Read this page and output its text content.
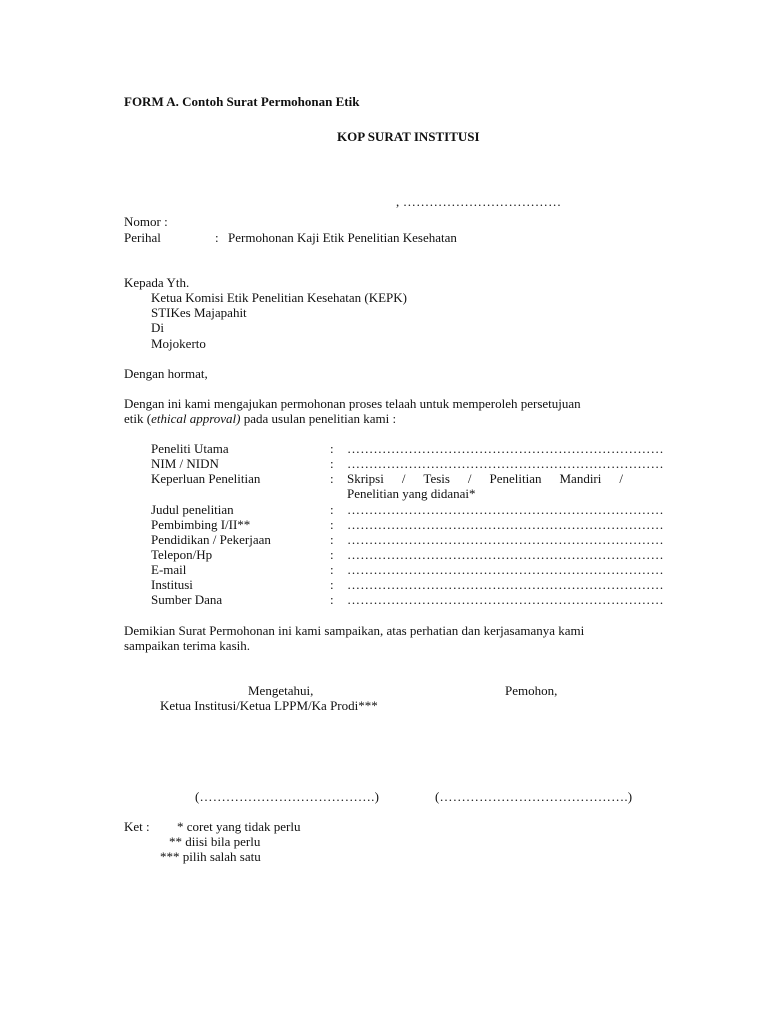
FORM A. Contoh Surat Permohonan Etik
KOP SURAT INSTITUSI
, ………………………………
Nomor :
Perihal	: Permohonan Kaji Etik Penelitian Kesehatan
Kepada Yth.
Ketua Komisi Etik Penelitian Kesehatan (KEPK)
STIKes Majapahit
Di
Mojokerto
Dengan hormat,
Dengan ini kami mengajukan permohonan proses telaah untuk memperoleh persetujuan
etik (ethical approval) pada usulan penelitian kami :
Peneliti Utama	: ………………………………………………………………
NIM / NIDN	: ………………………………………………………………
Keperluan Penelitian	: Skripsi / Tesis / Penelitian Mandiri /
Penelitian yang didanai*
Judul penelitian	: ………………………………………………………………
Pembimbing I/II**	: ………………………………………………………………
Pendidikan / Pekerjaan	: ………………………………………………………………
Telepon/Hp	: ………………………………………………………………
E-mail	: ………………………………………………………………
Institusi	: ………………………………………………………………
Sumber Dana	: ………………………………………………………………
Demikian Surat Permohonan ini kami sampaikan, atas perhatian dan kerjasamanya kami
sampaikan terima kasih.
Mengetahui,	Pemohon,
Ketua Institusi/Ketua LPPM/Ka Prodi***
(………………………………….)	(…………………………………….)
Ket : * coret yang tidak perlu
** diisi bila perlu
*** pilih salah satu
